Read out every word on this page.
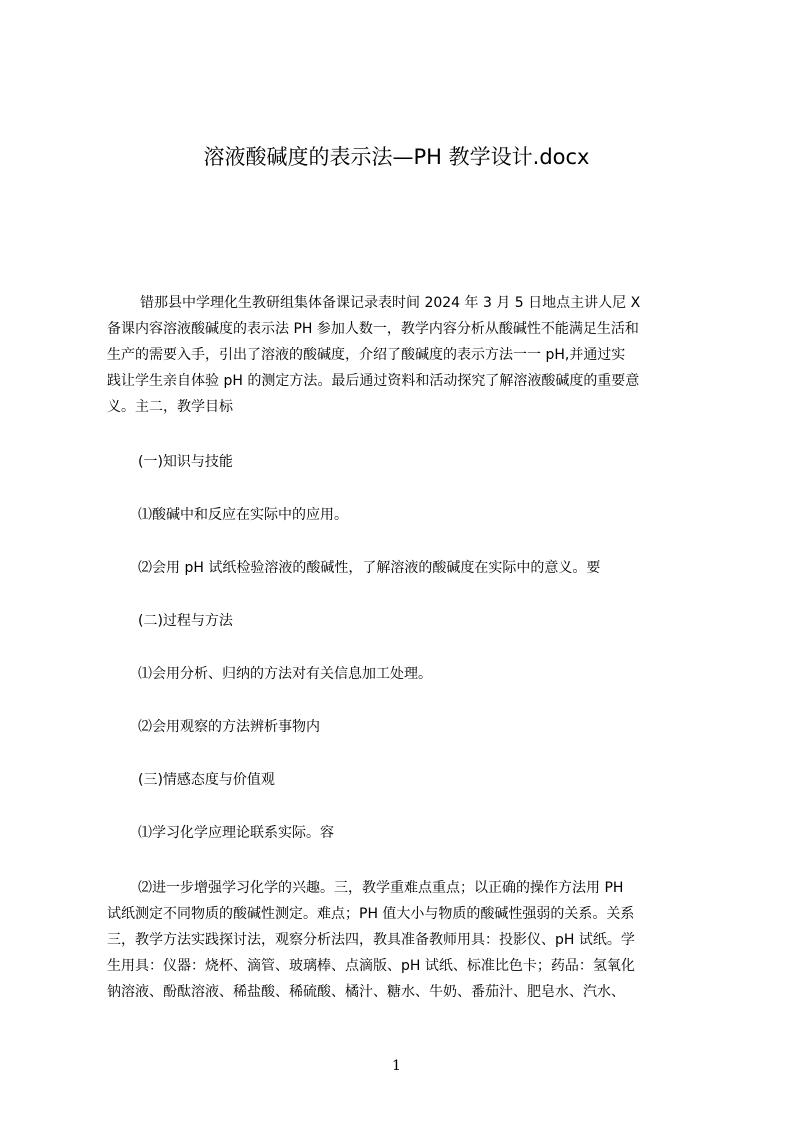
溶液酸碱度的表示法—PH 教学设计.docx
错那县中学理化生教研组集体备课记录表时间 2024 年 3 月 5 日地点主讲人尼 X
备课内容溶液酸碱度的表示法 PH 参加人数一，教学内容分析从酸碱性不能满足生活和
生产的需要入手，引出了溶液的酸碱度，介绍了酸碱度的表示方法一一 pH,并通过实
践让学生亲自体验 pH 的测定方法。最后通过资料和活动探究了解溶液酸碱度的重要意
义。主二，教学目标
(一)知识与技能
⑴酸碱中和反应在实际中的应用。
⑵会用 pH 试纸检验溶液的酸碱性，了解溶液的酸碱度在实际中的意义。要
(二)过程与方法
⑴会用分析、归纳的方法对有关信息加工处理。
⑵会用观察的方法辨析事物内
(三)情感态度与价值观
⑴学习化学应理论联系实际。容
⑵进一步增强学习化学的兴趣。三，教学重难点重点；以正确的操作方法用 PH
试纸测定不同物质的酸碱性测定。难点；PH 值大小与物质的酸碱性强弱的关系。关系
三，教学方法实践探讨法，观察分析法四，教具准备教师用具：投影仪、pH 试纸。学
生用具：仪器：烧杯、滴管、玻璃棒、点滴版、pH 试纸、标准比色卡；药品：氢氧化
钠溶液、酚酞溶液、稀盐酸、稀硫酸、橘汁、糖水、牛奶、番茄汁、肥皂水、汽水、
1
